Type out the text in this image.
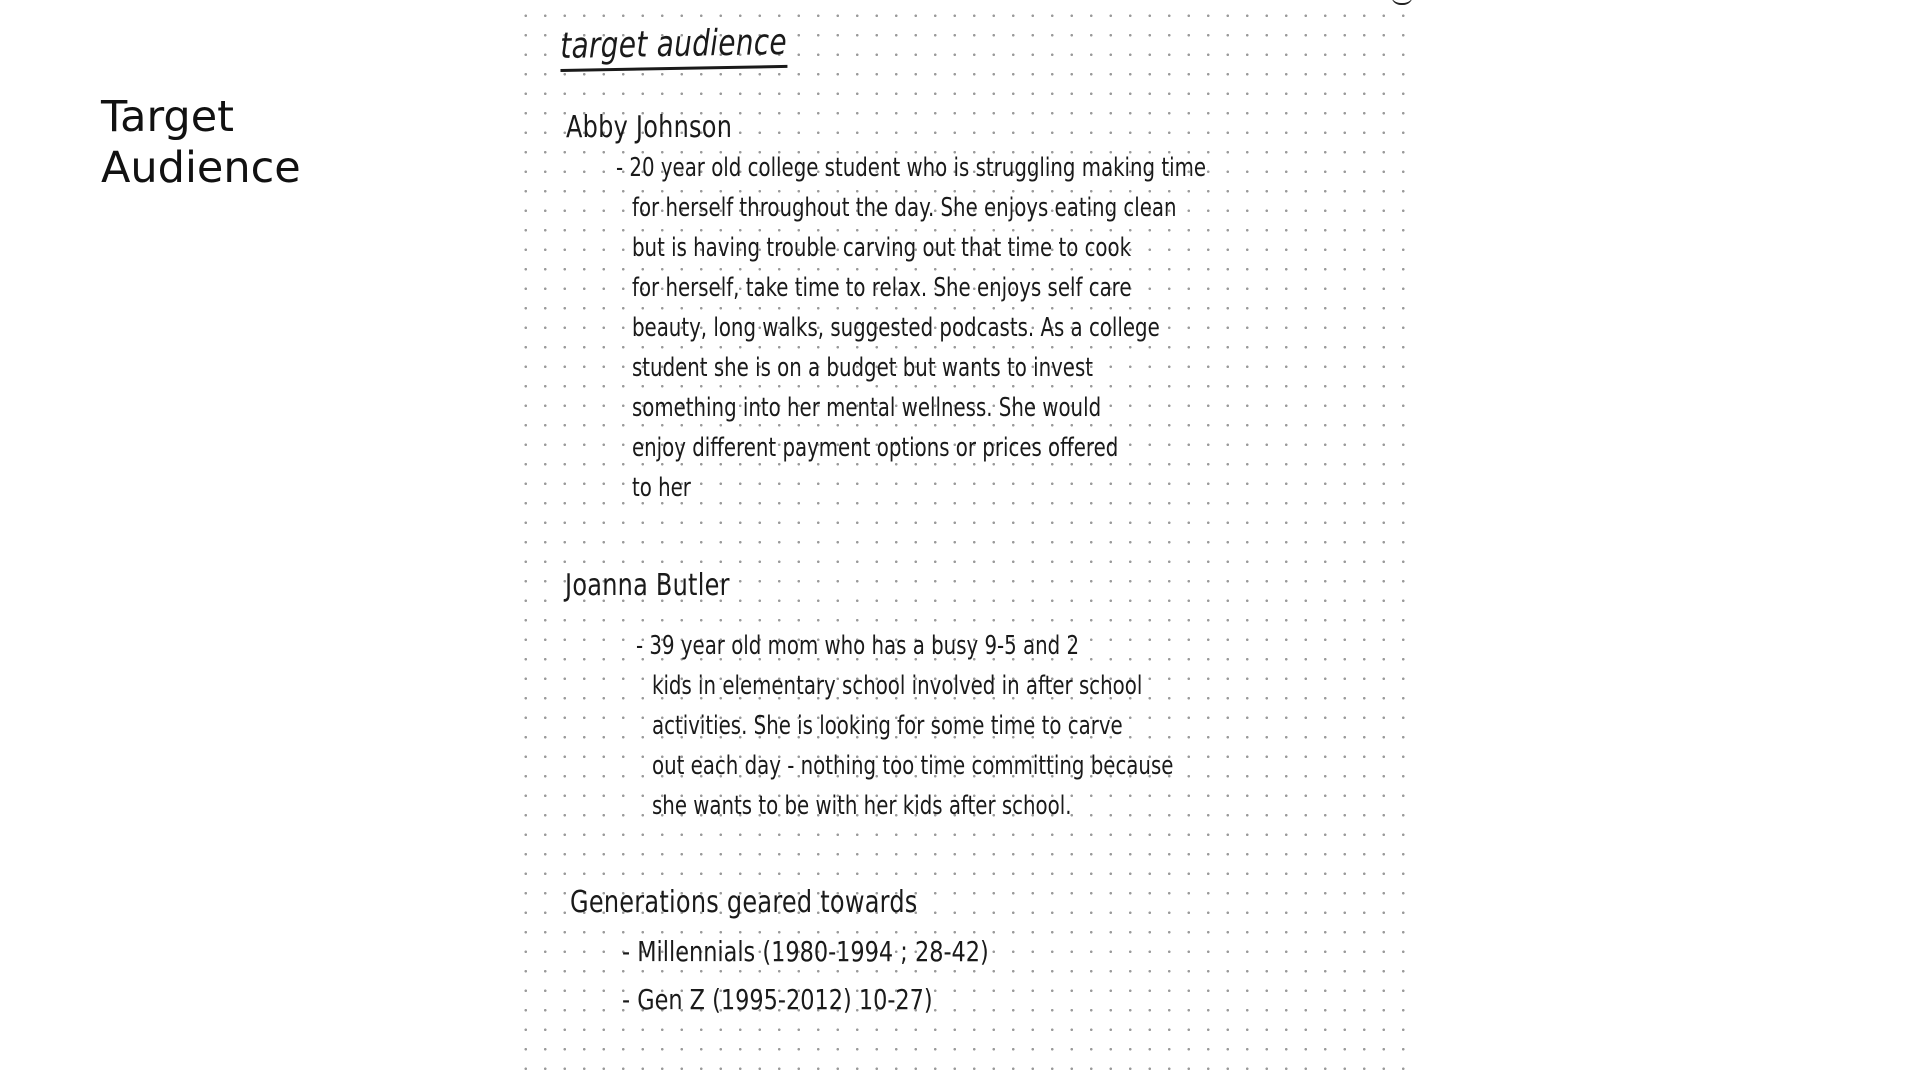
Target Audience

target audience

Abby Johnson

- 20 year old college student who is struggling making time
for herself throughout the day. She enjoys eating clean
but is having trouble carving out that time to cook
for herself, take time to relax. She enjoys self care
beauty, long walks, suggested podcasts. As a college
student she is on a budget but wants to invest
something into her mental wellness. She would
enjoy different payment options or prices offered
to her

Joanna Butler

- 39 year old mom who has a busy 9-5 and 2
kids in elementary school involved in after school
activities. She is looking for some time to carve
out each day - nothing too time committing because
she wants to be with her kids after school.

Generations geared towards

- Millennials (1980-1994 ; 28-42)
- Gen Z (1995-2012) 10-27)
